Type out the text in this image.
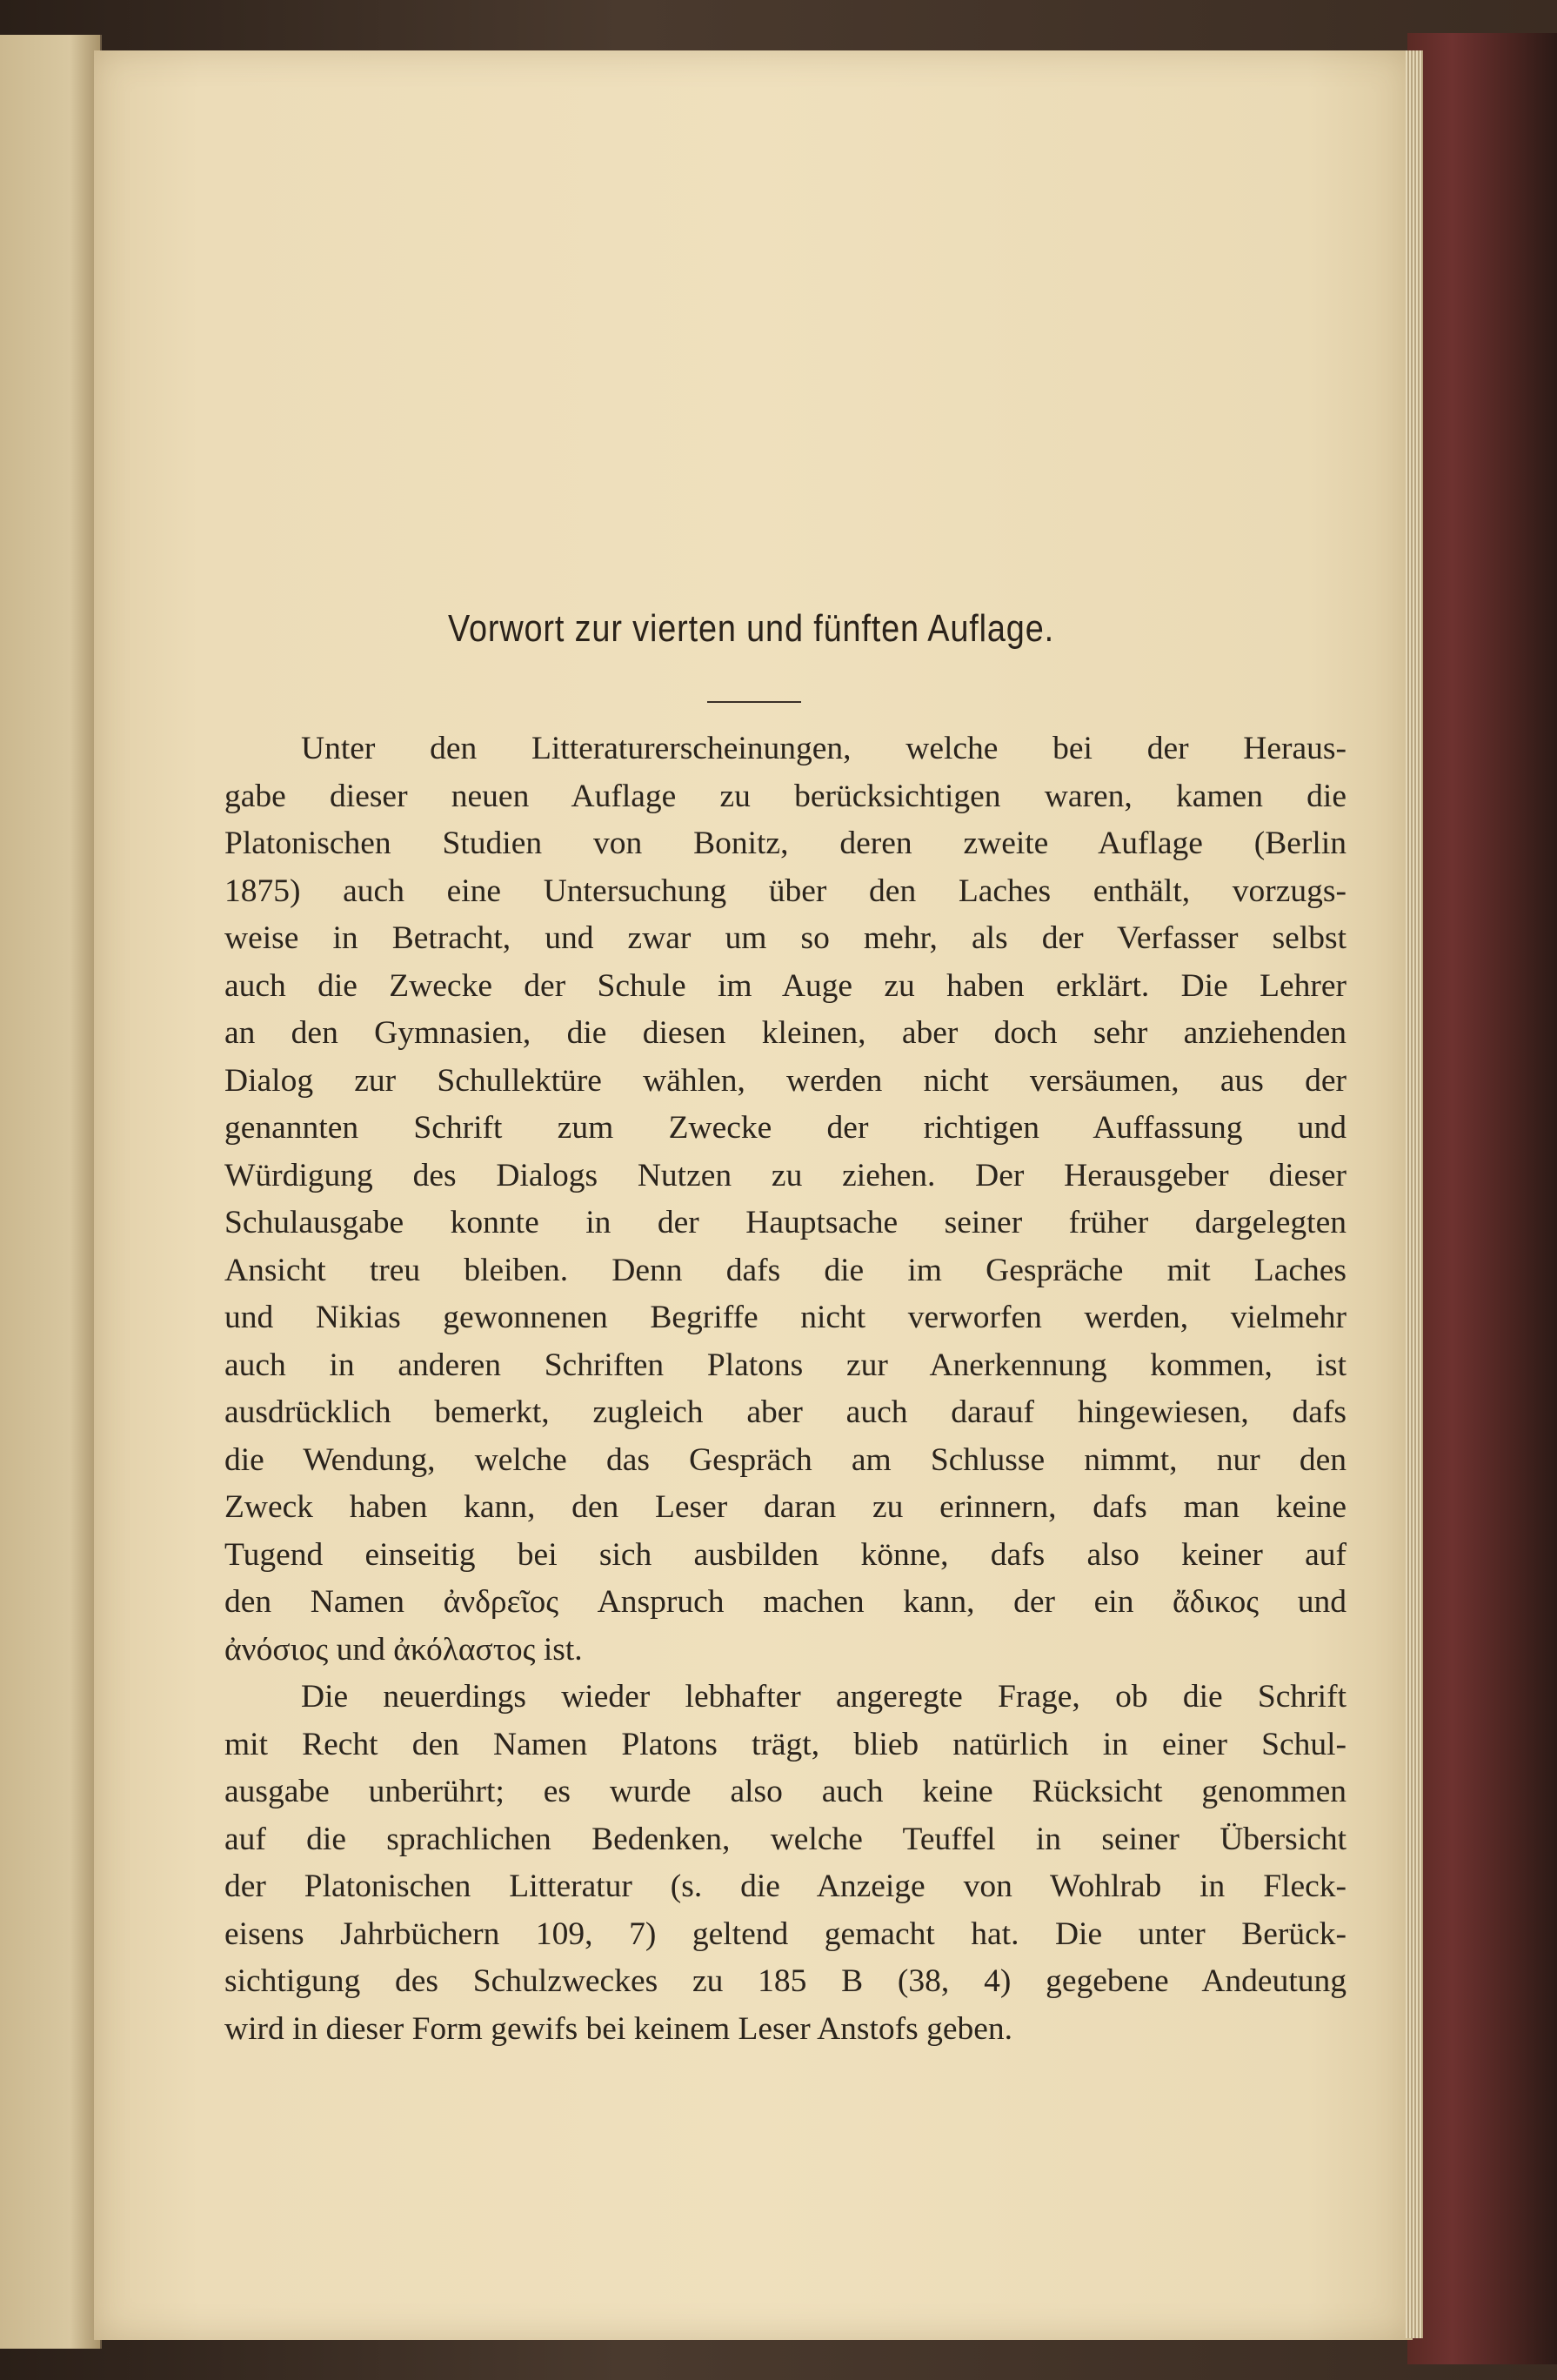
Vorwort zur vierten und fünften Auflage.
Unter den Litteraturerscheinungen, welche bei der Heraus-
gabe dieser neuen Auflage zu berücksichtigen waren, kamen die
Platonischen Studien von Bonitz, deren zweite Auflage (Berlin
1875) auch eine Untersuchung über den Laches enthält, vorzugs-
weise in Betracht, und zwar um so mehr, als der Verfasser selbst
auch die Zwecke der Schule im Auge zu haben erklärt. Die Lehrer
an den Gymnasien, die diesen kleinen, aber doch sehr anziehenden
Dialog zur Schullektüre wählen, werden nicht versäumen, aus der
genannten Schrift zum Zwecke der richtigen Auffassung und
Würdigung des Dialogs Nutzen zu ziehen. Der Herausgeber dieser
Schulausgabe konnte in der Hauptsache seiner früher dargelegten
Ansicht treu bleiben. Denn dafs die im Gespräche mit Laches
und Nikias gewonnenen Begriffe nicht verworfen werden, vielmehr
auch in anderen Schriften Platons zur Anerkennung kommen, ist
ausdrücklich bemerkt, zugleich aber auch darauf hingewiesen, dafs
die Wendung, welche das Gespräch am Schlusse nimmt, nur den
Zweck haben kann, den Leser daran zu erinnern, dafs man keine
Tugend einseitig bei sich ausbilden könne, dafs also keiner auf
den Namen ἀνδρεῖος Anspruch machen kann, der ein ἄδικος und
ἀνόσιος und ἀκόλαστος ist.
Die neuerdings wieder lebhafter angeregte Frage, ob die Schrift
mit Recht den Namen Platons trägt, blieb natürlich in einer Schul-
ausgabe unberührt; es wurde also auch keine Rücksicht genommen
auf die sprachlichen Bedenken, welche Teuffel in seiner Übersicht
der Platonischen Litteratur (s. die Anzeige von Wohlrab in Fleck-
eisens Jahrbüchern 109, 7) geltend gemacht hat. Die unter Berück-
sichtigung des Schulzweckes zu 185 B (38, 4) gegebene Andeutung
wird in dieser Form gewifs bei keinem Leser Anstofs geben.
